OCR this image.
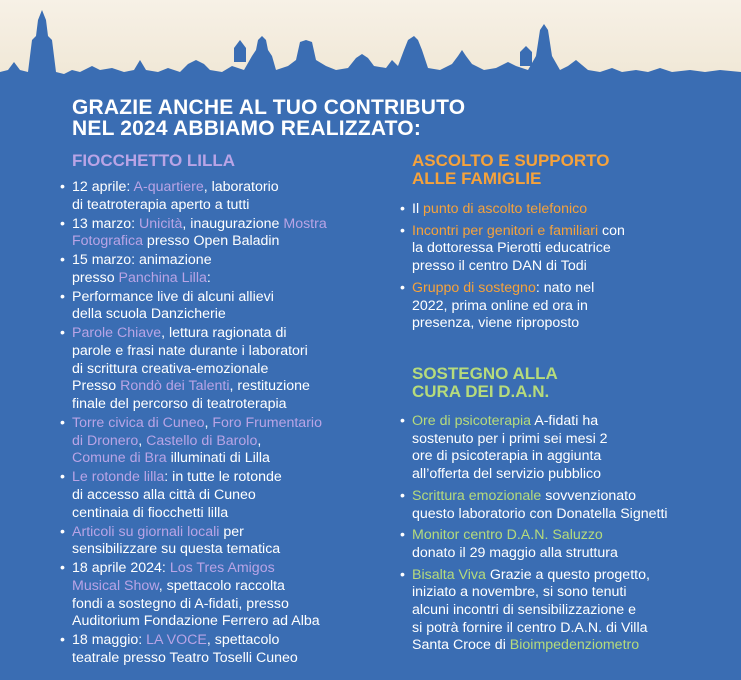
GRAZIE ANCHE AL TUO CONTRIBUTO
NEL 2024 ABBIAMO REALIZZATO:
FIOCCHETTO LILLA
• 12 aprile: A-quartiere, laboratorio
di teatroterapia aperto a tutti
• 13 marzo: Unicità, inaugurazione Mostra
Fotografica presso Open Baladin
• 15 marzo: animazione
presso Panchina Lilla:
• Performance live di alcuni allievi
della scuola Danzicherie
• Parole Chiave, lettura ragionata di
parole e frasi nate durante i laboratori
di scrittura creativa-emozionale
Presso Rondò dei Talenti, restituzione
finale del percorso di teatroterapia
• Torre civica di Cuneo, Foro Frumentario
di Dronero, Castello di Barolo,
Comune di Bra illuminati di Lilla
• Le rotonde lilla: in tutte le rotonde
di accesso alla città di Cuneo
centinaia di fiocchetti lilla
• Articoli su giornali locali per
sensibilizzare su questa tematica
• 18 aprile 2024: Los Tres Amigos
Musical Show, spettacolo raccolta
fondi a sostegno di A-fidati, presso
Auditorium Fondazione Ferrero ad Alba
• 18 maggio: LA VOCE, spettacolo
teatrale presso Teatro Toselli Cuneo
ASCOLTO E SUPPORTO
ALLE FAMIGLIE
• Il punto di ascolto telefonico
• Incontri per genitori e familiari con
la dottoressa Pierotti educatrice
presso il centro DAN di Todi
• Gruppo di sostegno: nato nel
2022, prima online ed ora in
presenza, viene riproposto
SOSTEGNO ALLA
CURA DEI D.A.N.
• Ore di psicoterapia A-fidati ha
sostenuto per i primi sei mesi 2
ore di psicoterapia in aggiunta
all’offerta del servizio pubblico
• Scrittura emozionale sovvenzionato
questo laboratorio con Donatella Signetti
• Monitor centro D.A.N. Saluzzo
donato il 29 maggio alla struttura
• Bisalta Viva Grazie a questo progetto,
iniziato a novembre, si sono tenuti
alcuni incontri di sensibilizzazione e
si potrà fornire il centro D.A.N. di Villa
Santa Croce di Bioimpedenziometro
